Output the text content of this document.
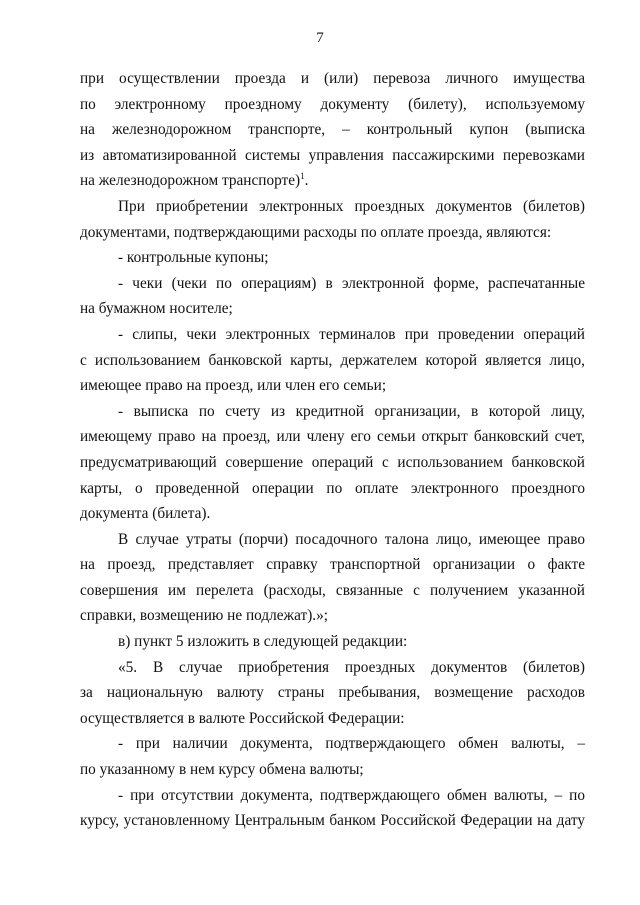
7
при осуществлении проезда и (или) перевоза личного имущества
по электронному проездному документу (билету), используемому
на железнодорожном транспорте, – контрольный купон (выписка
из автоматизированной системы управления пассажирскими перевозками
на железнодорожном транспорте)$^1$.
При приобретении электронных проездных документов (билетов)
документами, подтверждающими расходы по оплате проезда, являются:
- контрольные купоны;
- чеки (чеки по операциям) в электронной форме, распечатанные
на бумажном носителе;
- слипы, чеки электронных терминалов при проведении операций
с использованием банковской карты, держателем которой является лицо,
имеющее право на проезд, или член его семьи;
- выписка по счету из кредитной организации, в которой лицу,
имеющему право на проезд, или члену его семьи открыт банковский счет,
предусматривающий совершение операций с использованием банковской
карты, о проведенной операции по оплате электронного проездного
документа (билета).
В случае утраты (порчи) посадочного талона лицо, имеющее право
на проезд, представляет справку транспортной организации о факте
совершения им перелета (расходы, связанные с получением указанной
справки, возмещению не подлежат).»;
в) пункт 5 изложить в следующей редакции:
«5. В случае приобретения проездных документов (билетов)
за национальную валюту страны пребывания, возмещение расходов
осуществляется в валюте Российской Федерации:
- при наличии документа, подтверждающего обмен валюты, –
по указанному в нем курсу обмена валюты;
- при отсутствии документа, подтверждающего обмен валюты, – по
курсу, установленному Центральным банком Российской Федерации на дату
